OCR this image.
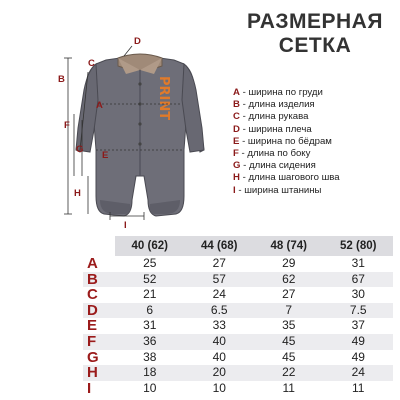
РАЗМЕРНАЯ
СЕТКА
PRINT
A
B
C
D
E
F
G
H
I
A - ширина по груди
B - длина изделия
C - длина рукава
D - ширина плеча
E - ширина по бёдрам
F - длина по боку
G - длина сидения
H - длина шагового шва
I - ширина штанины
40 (62)	44 (68)	48 (74)	52 (80)
A	25	27	29	31
B	52	57	62	67
C	21	24	27	30
D	6	6.5	7	7.5
E	31	33	35	37
F	36	40	45	49
G	38	40	45	49
H	18	20	22	24
I	10	10	11	11
